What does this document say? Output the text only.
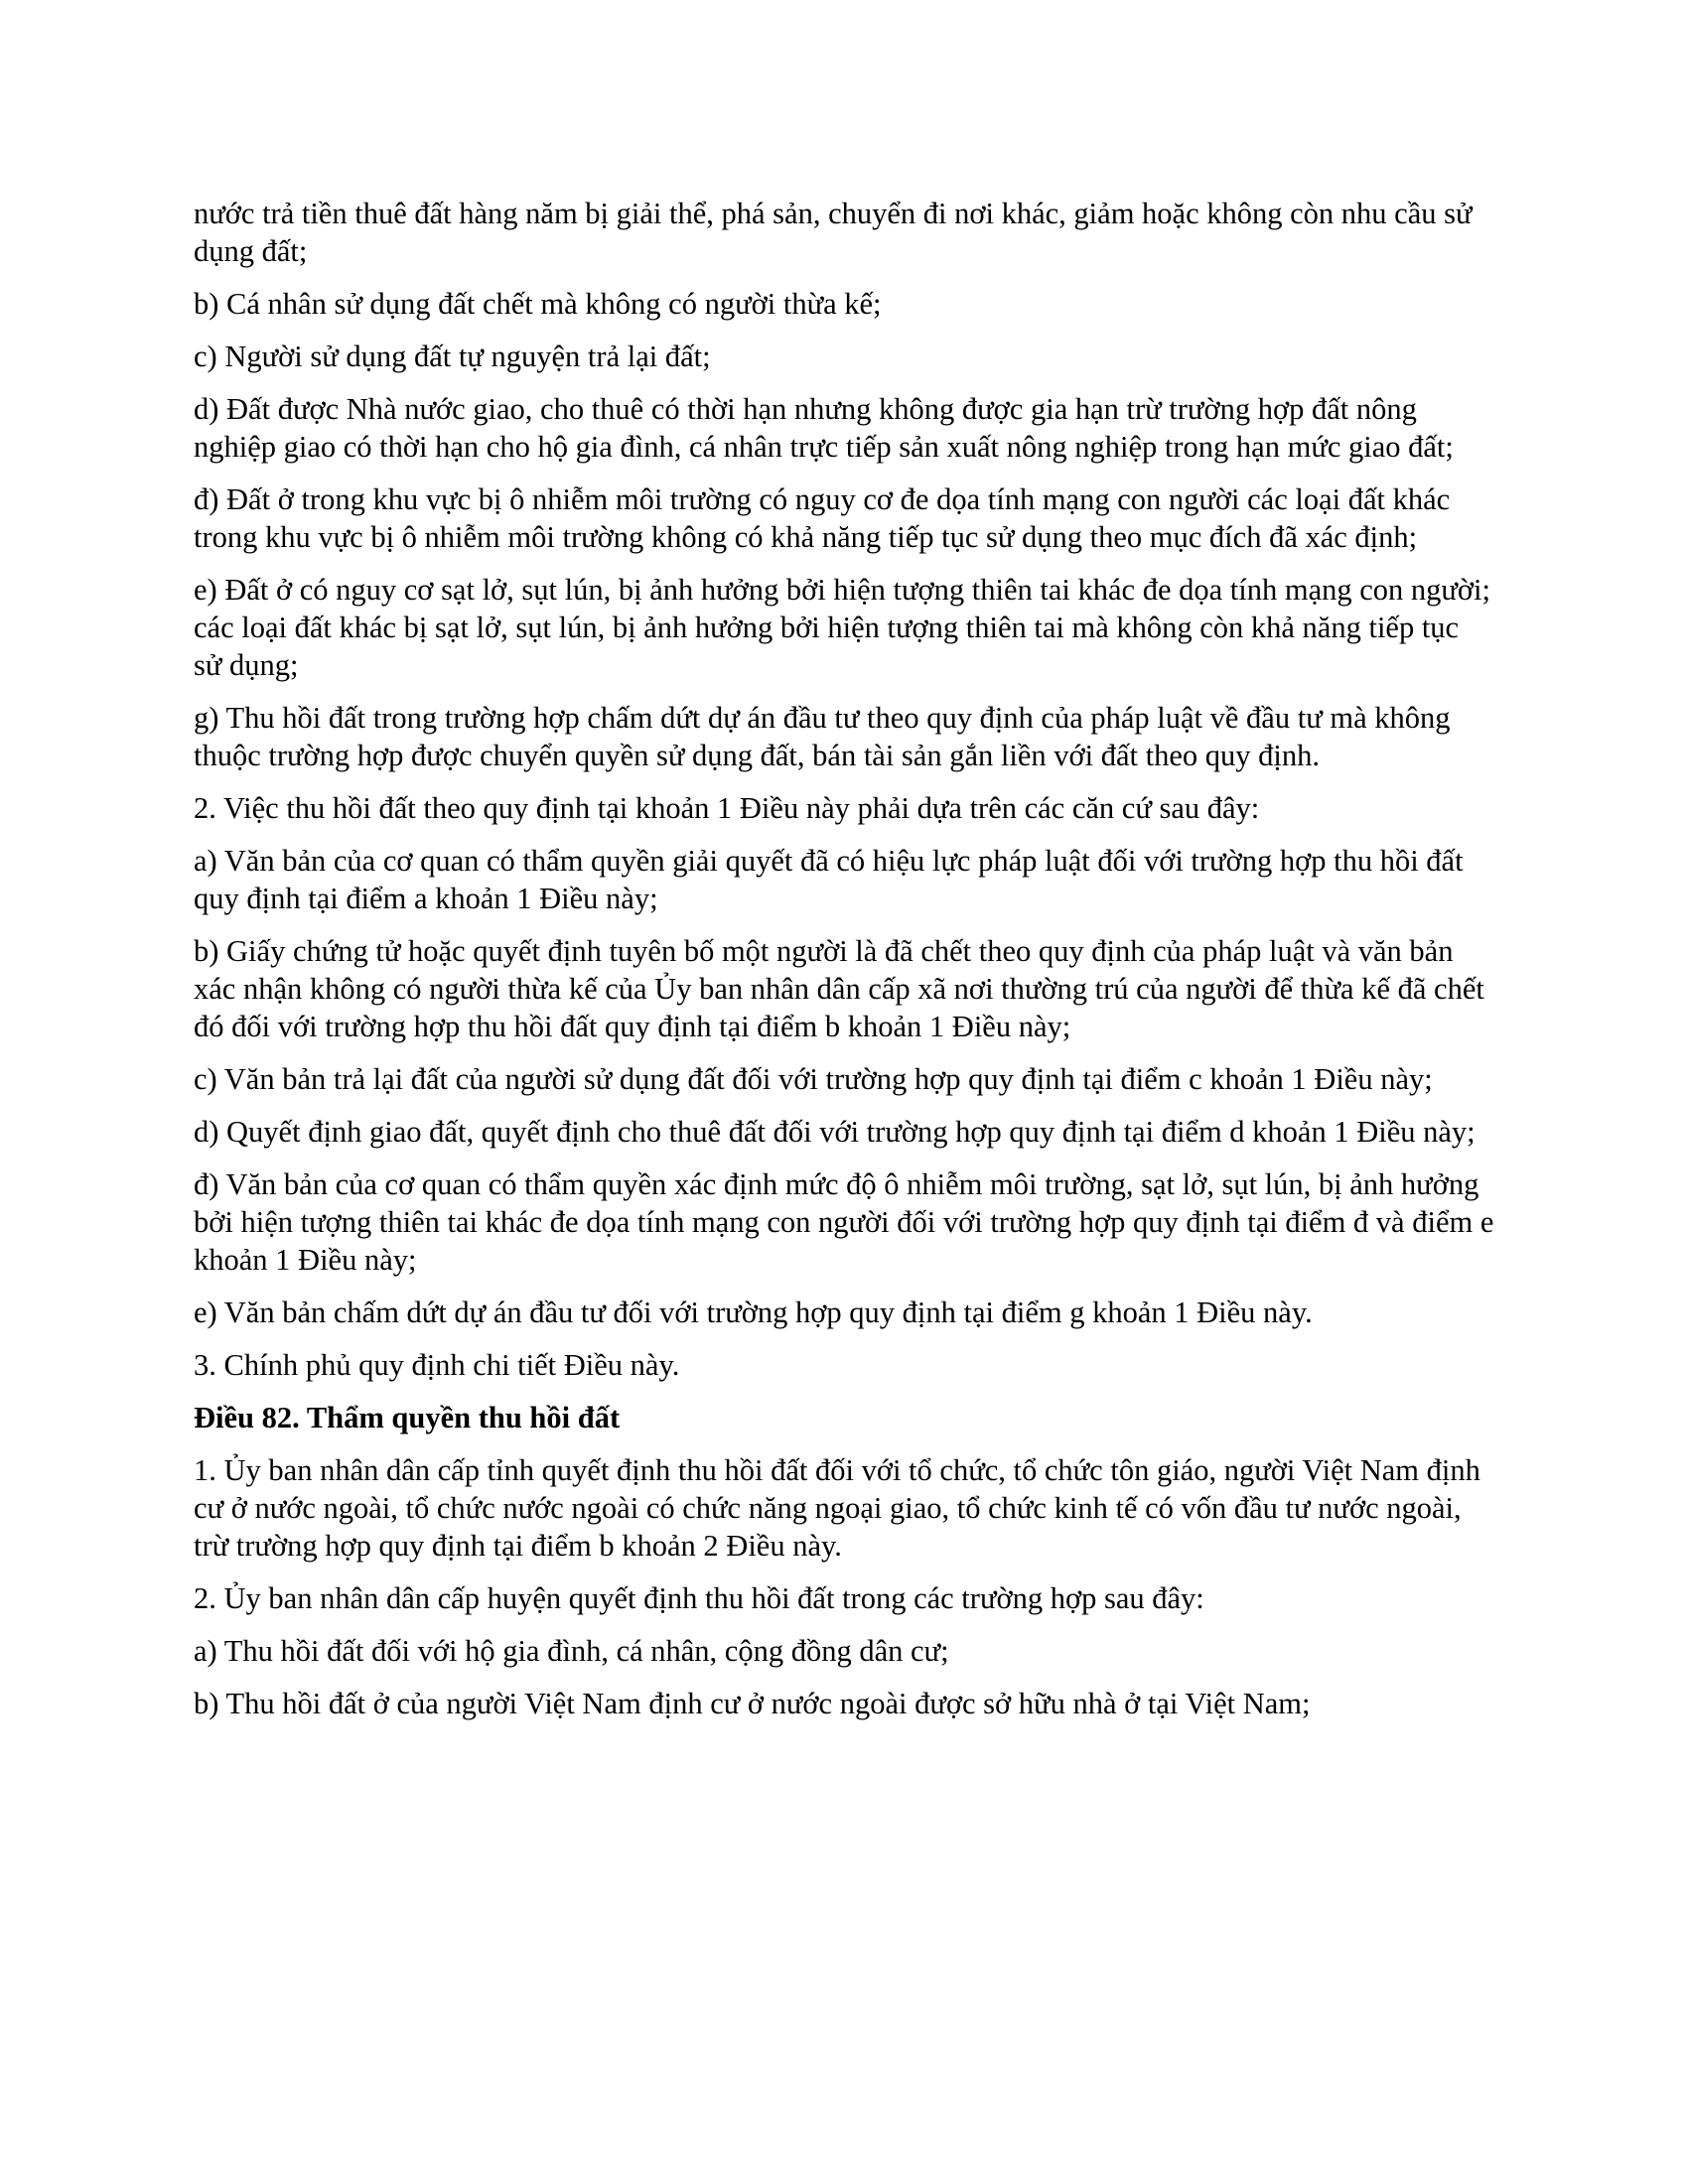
nước trả tiền thuê đất hàng năm bị giải thể, phá sản, chuyển đi nơi khác, giảm hoặc không còn nhu cầu sử dụng đất;

b) Cá nhân sử dụng đất chết mà không có người thừa kế;

c) Người sử dụng đất tự nguyện trả lại đất;

d) Đất được Nhà nước giao, cho thuê có thời hạn nhưng không được gia hạn trừ trường hợp đất nông nghiệp giao có thời hạn cho hộ gia đình, cá nhân trực tiếp sản xuất nông nghiệp trong hạn mức giao đất;

đ) Đất ở trong khu vực bị ô nhiễm môi trường có nguy cơ đe dọa tính mạng con người các loại đất khác trong khu vực bị ô nhiễm môi trường không có khả năng tiếp tục sử dụng theo mục đích đã xác định;

e) Đất ở có nguy cơ sạt lở, sụt lún, bị ảnh hưởng bởi hiện tượng thiên tai khác đe dọa tính mạng con người; các loại đất khác bị sạt lở, sụt lún, bị ảnh hưởng bởi hiện tượng thiên tai mà không còn khả năng tiếp tục sử dụng;

g) Thu hồi đất trong trường hợp chấm dứt dự án đầu tư theo quy định của pháp luật về đầu tư mà không thuộc trường hợp được chuyển quyền sử dụng đất, bán tài sản gắn liền với đất theo quy định.

2. Việc thu hồi đất theo quy định tại khoản 1 Điều này phải dựa trên các căn cứ sau đây:

a) Văn bản của cơ quan có thẩm quyền giải quyết đã có hiệu lực pháp luật đối với trường hợp thu hồi đất quy định tại điểm a khoản 1 Điều này;

b) Giấy chứng tử hoặc quyết định tuyên bố một người là đã chết theo quy định của pháp luật và văn bản xác nhận không có người thừa kế của Ủy ban nhân dân cấp xã nơi thường trú của người để thừa kế đã chết đó đối với trường hợp thu hồi đất quy định tại điểm b khoản 1 Điều này;

c) Văn bản trả lại đất của người sử dụng đất đối với trường hợp quy định tại điểm c khoản 1 Điều này;

d) Quyết định giao đất, quyết định cho thuê đất đối với trường hợp quy định tại điểm d khoản 1 Điều này;

đ) Văn bản của cơ quan có thẩm quyền xác định mức độ ô nhiễm môi trường, sạt lở, sụt lún, bị ảnh hưởng bởi hiện tượng thiên tai khác đe dọa tính mạng con người đối với trường hợp quy định tại điểm đ và điểm e khoản 1 Điều này;

e) Văn bản chấm dứt dự án đầu tư đối với trường hợp quy định tại điểm g khoản 1 Điều này.

3. Chính phủ quy định chi tiết Điều này.

Điều 82. Thẩm quyền thu hồi đất

1. Ủy ban nhân dân cấp tỉnh quyết định thu hồi đất đối với tổ chức, tổ chức tôn giáo, người Việt Nam định cư ở nước ngoài, tổ chức nước ngoài có chức năng ngoại giao, tổ chức kinh tế có vốn đầu tư nước ngoài, trừ trường hợp quy định tại điểm b khoản 2 Điều này.

2. Ủy ban nhân dân cấp huyện quyết định thu hồi đất trong các trường hợp sau đây:

a) Thu hồi đất đối với hộ gia đình, cá nhân, cộng đồng dân cư;

b) Thu hồi đất ở của người Việt Nam định cư ở nước ngoài được sở hữu nhà ở tại Việt Nam;
